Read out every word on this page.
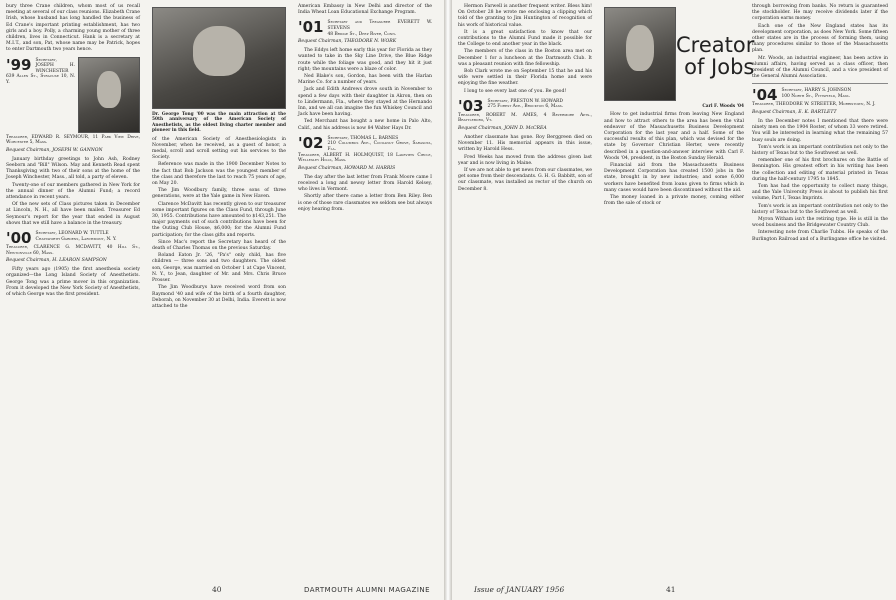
bury three Crane children, whom most of us recall meeting at several of our class reunions. Elizabeth Crane Irish, whose husband has long handled the business of Ed Crane's important printing establishment, has two girls and a boy. Polly, a charming young mother of three children, lives in Connecticut. Hank is a secretary at M.I.T., and son, Pat, whose name may be Patrick, hopes to enter Dartmouth two years hence.

'99 Secretary, JOSEPH H. WINCHESTER
639 Allen St., Syracuse 10, N. Y.
Treasurer, EDWARD R. SEYMOUR, 11 Park View Drive, Worcester 5, Mass.
Bequest Chairman, JOSEPH W. GANNON

January birthday greetings to John Ash, Rodney Seeborn and "Bill" Wilson. May and Kenneth Read spent Thanksgiving with two of their sons at the home of the Joseph Winchester, Mass., all told, a party of eleven.

Twenty-one of our members gathered in New York for the annual dinner of the Alumni Fund; a record attendance in recent years.

Of the new sets of Class pictures taken in December at Lincoln, N. H., all have been mailed. Treasurer Ed Seymour's report for the year that ended in August shows that we still have a balance in the treasury.

'00 Secretary, LEONARD W. TUTTLE
Chatsworth Gardens, Larchmont, N. Y.
Treasurer, CLARENCE G. MCDAVITT, 40 Hill St., Newtonville 60, Mass.
Bequest Chairman, H. LEARON SAMPSON

Fifty years ago (1905) the first anesthesia society organized—the Long Island Society of Anesthetists. George Tong was a prime mover in this organization. From it developed the New York Society of Anesthetists, of which George was the first president.

Dr. George Tong '00 was the main attraction at the 50th anniversary of the American Society of Anesthetists, as the oldest living charter member and pioneer in this field.

of the American Society of Anesthesiologists in November, when he received, as a guest of honor, a medal, scroll and scroll setting out his services to the Society.

Reference was made in the 1900 December Notes to the fact that Bob Jackson was the youngest member of the class and therefore the last to reach 75 years of age, on May 20.

The Jim Woodbury family, three sons of three generations, were at the Yale game in New Haven.

Clarence McDavitt has recently given to our treasurer some important figures on the Class Fund, through June 30, 1955. Contributions have amounted to $143,251. The major payments out of such contributions have been for the Outing Club House, $6,000; for the Alumni Fund participation; for the class gifts and reports.

Since Mac's report the Secretary has heard of the death of Charles Thomas on the previous Saturday.

Roland Eaton Jr. '26, "Pa's" only child, has five children — three sons and two daughters. The oldest son, George, was married on October 1 at Cape Vincent, N. Y., to Jean, daughter of Mr. and Mrs. Chris Bruce Prosser.

The Jim Woodburys have received word from son Raymond '40 and wife of the birth of a fourth daughter, Deborah, on November 30 at Delhi, India. Everett is now attached to the

American Embassy in New Delhi and director of the India Wheat Loan Educational Exchange Program.

'01 Secretary and Treasurer EVERETT W. STEVENS
48 Bridge St., Deep River, Conn.
Bequest Chairman, THEODORE N. WORK

The Eddys left home early this year for Florida as they wanted to take in the Sky Line Drive, the Blue Ridge route while the foliage was good, and they hit it just right; the mountains were a blaze of color.

Ned Blake's son, Gordon, has been with the Harlan Marine Co. for a number of years.

Jack and Edith Andrews drove south in November to spend a few days with their daughter in Akron, then on to Lindermann, Fla., where they stayed at the Hernando Inn, and we all can imagine the fun Whiskey Council and Jack have been having.

Ted Merchant has bought a new home in Palo Alto, Calif., and his address is now 84 Walter Hays Dr.

'02 Secretary, THOMAS L. BARNES
210 Columbus Ave., Cocoanut Grove, Sarasota, Fla.
Treasurer, ALBERT H. HOLMQUIST, 18 Lakeview Circle, Wellesley Hills, Mass.
Bequest Chairman, HOWARD M. HARRIS

The day after the last letter from Frank Moore came I received a long and newsy letter from Harold Kelsey, who lives in Vermont.

Shortly after there came a letter from Ben Riley. Ben is one of those rare classmates we seldom see but always enjoy hearing from.

40	DARTMOUTH ALUMNI MAGAZINE

Hermon Farwell is another frequent writer. Bless him! On October 28 he wrote me enclosing a clipping which told of the granting to Jim Huntington of recognition of his work of historical value.

It is a great satisfaction to know that our contributions to the Alumni Fund made it possible for the College to end another year in the black.

The members of the class in the Boston area met on December 1 for a luncheon at the Dartmouth Club. It was a pleasant reunion with fine fellowship.

Bob Clark wrote me on September 15 that he and his wife were settled in their Florida home and were enjoying the fine weather.

I long to see every last one of you. Be good!

'03 Secretary, PRESTON W. HOWARD
275 Forest Ave., Brockton 6, Mass.
Treasurer, ROBERT M. AMES, 4 Revermore Apts., Brattleboro, Vt.
Bequest Chairman, JOHN D. McCREA

Another classmate has gone. Roy Berggreen died on November 11. His memorial appears in this issue, written by Harold Hess.

Fred Weeks has moved from the address given last year and is now living in Maine.

If we are not able to get news from our classmates, we get some from their descendants. G. H. G. Babbitt, son of our classmate, was installed as rector of the church on December 8.

Creator of Jobs
Carl F. Woods '04

How to get industrial firms from leaving New England and how to attract others to the area has been the vital endeavor of the Massachusetts Business Development Corporation for the last year and a half. Some of the successful results of this plan, which was devised for the state by Governor Christian Herter, were recently described in a question-and-answer interview with Carl F. Woods '04, president, in the Boston Sunday Herald.

Financial aid from the Massachusetts Business Development Corporation has created 1500 jobs in the state, brought in by new industries; and some 6,000 workers have benefited from loans given to firms which in many cases would have been discontinued without the aid.

The money loaned in a private money, coming either from the sale of stock or

through borrowing from banks. No return is guaranteed the stockholder. He may receive dividends later if the corporation earns money.

Each one of the New England states has its development corporation, as does New York. Some fifteen other states are in the process of forming them, using many procedures similar to those of the Massachusetts plan.

Mr. Woods, an industrial engineer, has been active in alumni affairs, having served as a class officer, then president of the Alumni Council, and a vice president of the General Alumni Association.

'04 Secretary, HARRY S. JOHNSON
100 North St., Pittsfield, Mass.
Treasurer, THEODORE W. STREETER, Morristown, N. J.
Bequest Chairman, E. K. BARTLETT

In the December notes I mentioned that there were ninety men on the 1904 Roster, of whom 33 were retired. You will be interested in learning what the remaining 57 busy souls are doing.

Tom's work is an important contribution not only to the history of Texas but to the Southwest as well.

remember one of his first brochures on the Battle of Bennington. His greatest effort in his writing has been the collection and editing of material printed in Texas during the half-century 1795 to 1845.

Tom has had the opportunity to collect many things, and the Yale University Press is about to publish his first volume, Part I, Texas Imprints.

Tom's work is an important contribution not only to the history of Texas but to the Southwest as well.

Myron Witham isn't the retiring type. He is still in the wood business and the Bridgewater Country Club.

Interesting note from Charlie Tubbs. He speaks of the Burlington Railroad and of a Burlingame office he visited.

Issue of JANUARY 1956	41
